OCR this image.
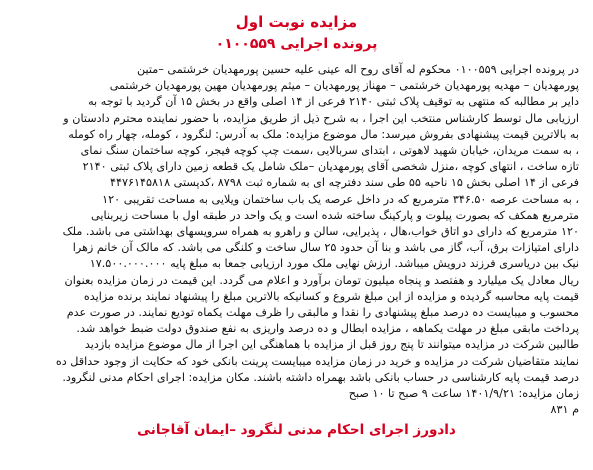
مزایده نوبت اول
پرونده اجرایی ۰۱۰۰۵۵۹
در پرونده اجرایی ۰۱۰۰۵۵۹ محکوم له آقای روح اله عینی علیه حسین پورمهدیان خرشتمی –متین
پورمهدیان – مهدیه پورمهدیان خرشتمی – مهناز پورمهدیان – میثم پورمهدیان مهین پورمهدیان خرشتمی
دایر بر مطالبه که منتهی به توقیف پلاک ثبتی ۲۱۴۰ فرعی از ۱۴ اصلی واقع در بخش ۱۵ آن گردید با توجه به
ارزیابی مال توسط کارشناس منتخب این اجرا ، به شرح ذیل از طریق مزایده، با حضور نماینده محترم دادستان و
به بالاترین قیمت پیشنهادی بفروش میرسد: مال موضوع مزایده: ملک به آدرس: لنگرود ، کومله، چهار راه کومله
، به سمت مریدان، خیابان شهید لاهوتی ، ابتدای سربالایی ،سمت چپ کوچه فیجر، کوچه ساختمان سنگ نمای
تازه ساخت ، انتهای کوچه ،منزل شخصی آقای پورمهدیان –ملک شامل یک قطعه زمین دارای پلاک ثبتی ۲۱۴۰
فرعی از ۱۴ اصلی بخش ۱۵ ناحیه ۵۵ طی سند دفترچه ای به شماره ثبت ۸۷۹۸ ،کدپستی ۴۴۷۶۱۴۵۸۱۸
، به مساحت عرصه ۳۴۶.۵۰ مترمربع که در داخل عرصه یک باب ساختمان ویلایی به مساحت تقریبی ۱۲۰
مترمربع همکف که بصورت پیلوت و پارکینگ ساخته شده است و یک واحد در طبقه اول با مساحت زیربنایی
۱۲۰ مترمربع که دارای دو اتاق خواب،هال ، پذیرایی، سالن و راهرو به همراه سرویسهای بهداشتی می باشد. ملک
دارای امتیازات برق، آب، گاز می باشد و بنا آن حدود ۲۵ سال ساخت و کلنگی می باشد. که مالک آن خانم زهرا
نیک بین دریاسری فرزند درویش میباشد. ارزش نهایی ملک مورد ارزیابی جمعا به مبلغ پایه ۱۷.۵۰۰.۰۰۰.۰۰۰
ریال معادل یک میلیارد و هفتصد و پنجاه میلیون تومان برآورد و اعلام می گردد. این قیمت در زمان مزایده بعنوان
قیمت پایه محاسبه گردیده و مزایده از این مبلغ شروع و کسانیکه بالاترین مبلغ را پیشنهاد نمایند برنده مزایده
محسوب و میبایست ده درصد مبلغ پیشنهادی را نقدا و مالبقی را ظرف مهلت یکماه تودیع نمایند. در صورت عدم
پرداخت مابقی مبلغ در مهلت یکماهه ، مزایده ابطال و ده درصد واریزی به نفع صندوق دولت ضبط خواهد شد.
طالبین شرکت در مزایده میتوانند تا پنج روز قبل از مزایده با هماهنگی این اجرا از مال موضوع مزایده بازدید
نمایند متقاضیان شرکت در مزایده و خرید در زمان مزایده میبایست پرینت بانکی خود که حکایت از وجود حداقل ده
درصد قیمت پایه کارشناسی در حساب بانکی باشد بهمراه داشته باشند. مکان مزایده: اجرای احکام مدنی لنگرود.
زمان مزایده: ۱۴۰۱/۹/۲۱ ساعت ۹ صبح تا ۱۰ صبح
م ۸۳۱
دادورز اجرای احکام مدنی لنگرود –ایمان آقاجانی
